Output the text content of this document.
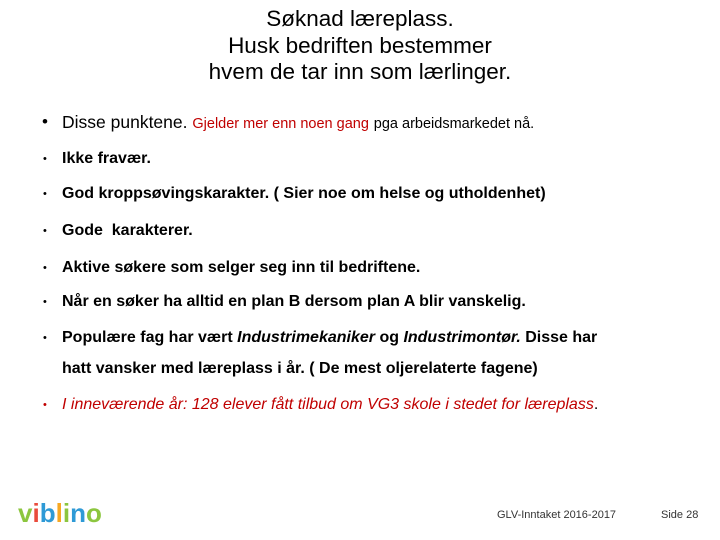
Søknad læreplass.
Husk bedriften bestemmer
hvem de tar inn som lærlinger.
• Disse punktene. Gjelder mer enn noen gang pga arbeidsmarkedet nå.
• Ikke fravær.
• God kroppsøvingskarakter. ( Sier noe om helse og utholdenhet)
• Gode  karakterer.
• Aktive søkere som selger seg inn til bedriftene.
• Når en søker ha alltid en plan B dersom plan A blir vanskelig.
• Populære fag har vært Industrimekaniker og Industrimontør. Disse har
hatt vansker med læreplass i år. ( De mest oljerelaterte fagene)
• I inneværende år: 128 elever fått tilbud om VG3 skole i stedet for læreplass.
viblino	GLV-Inntaket 2016-2017	Side 28
